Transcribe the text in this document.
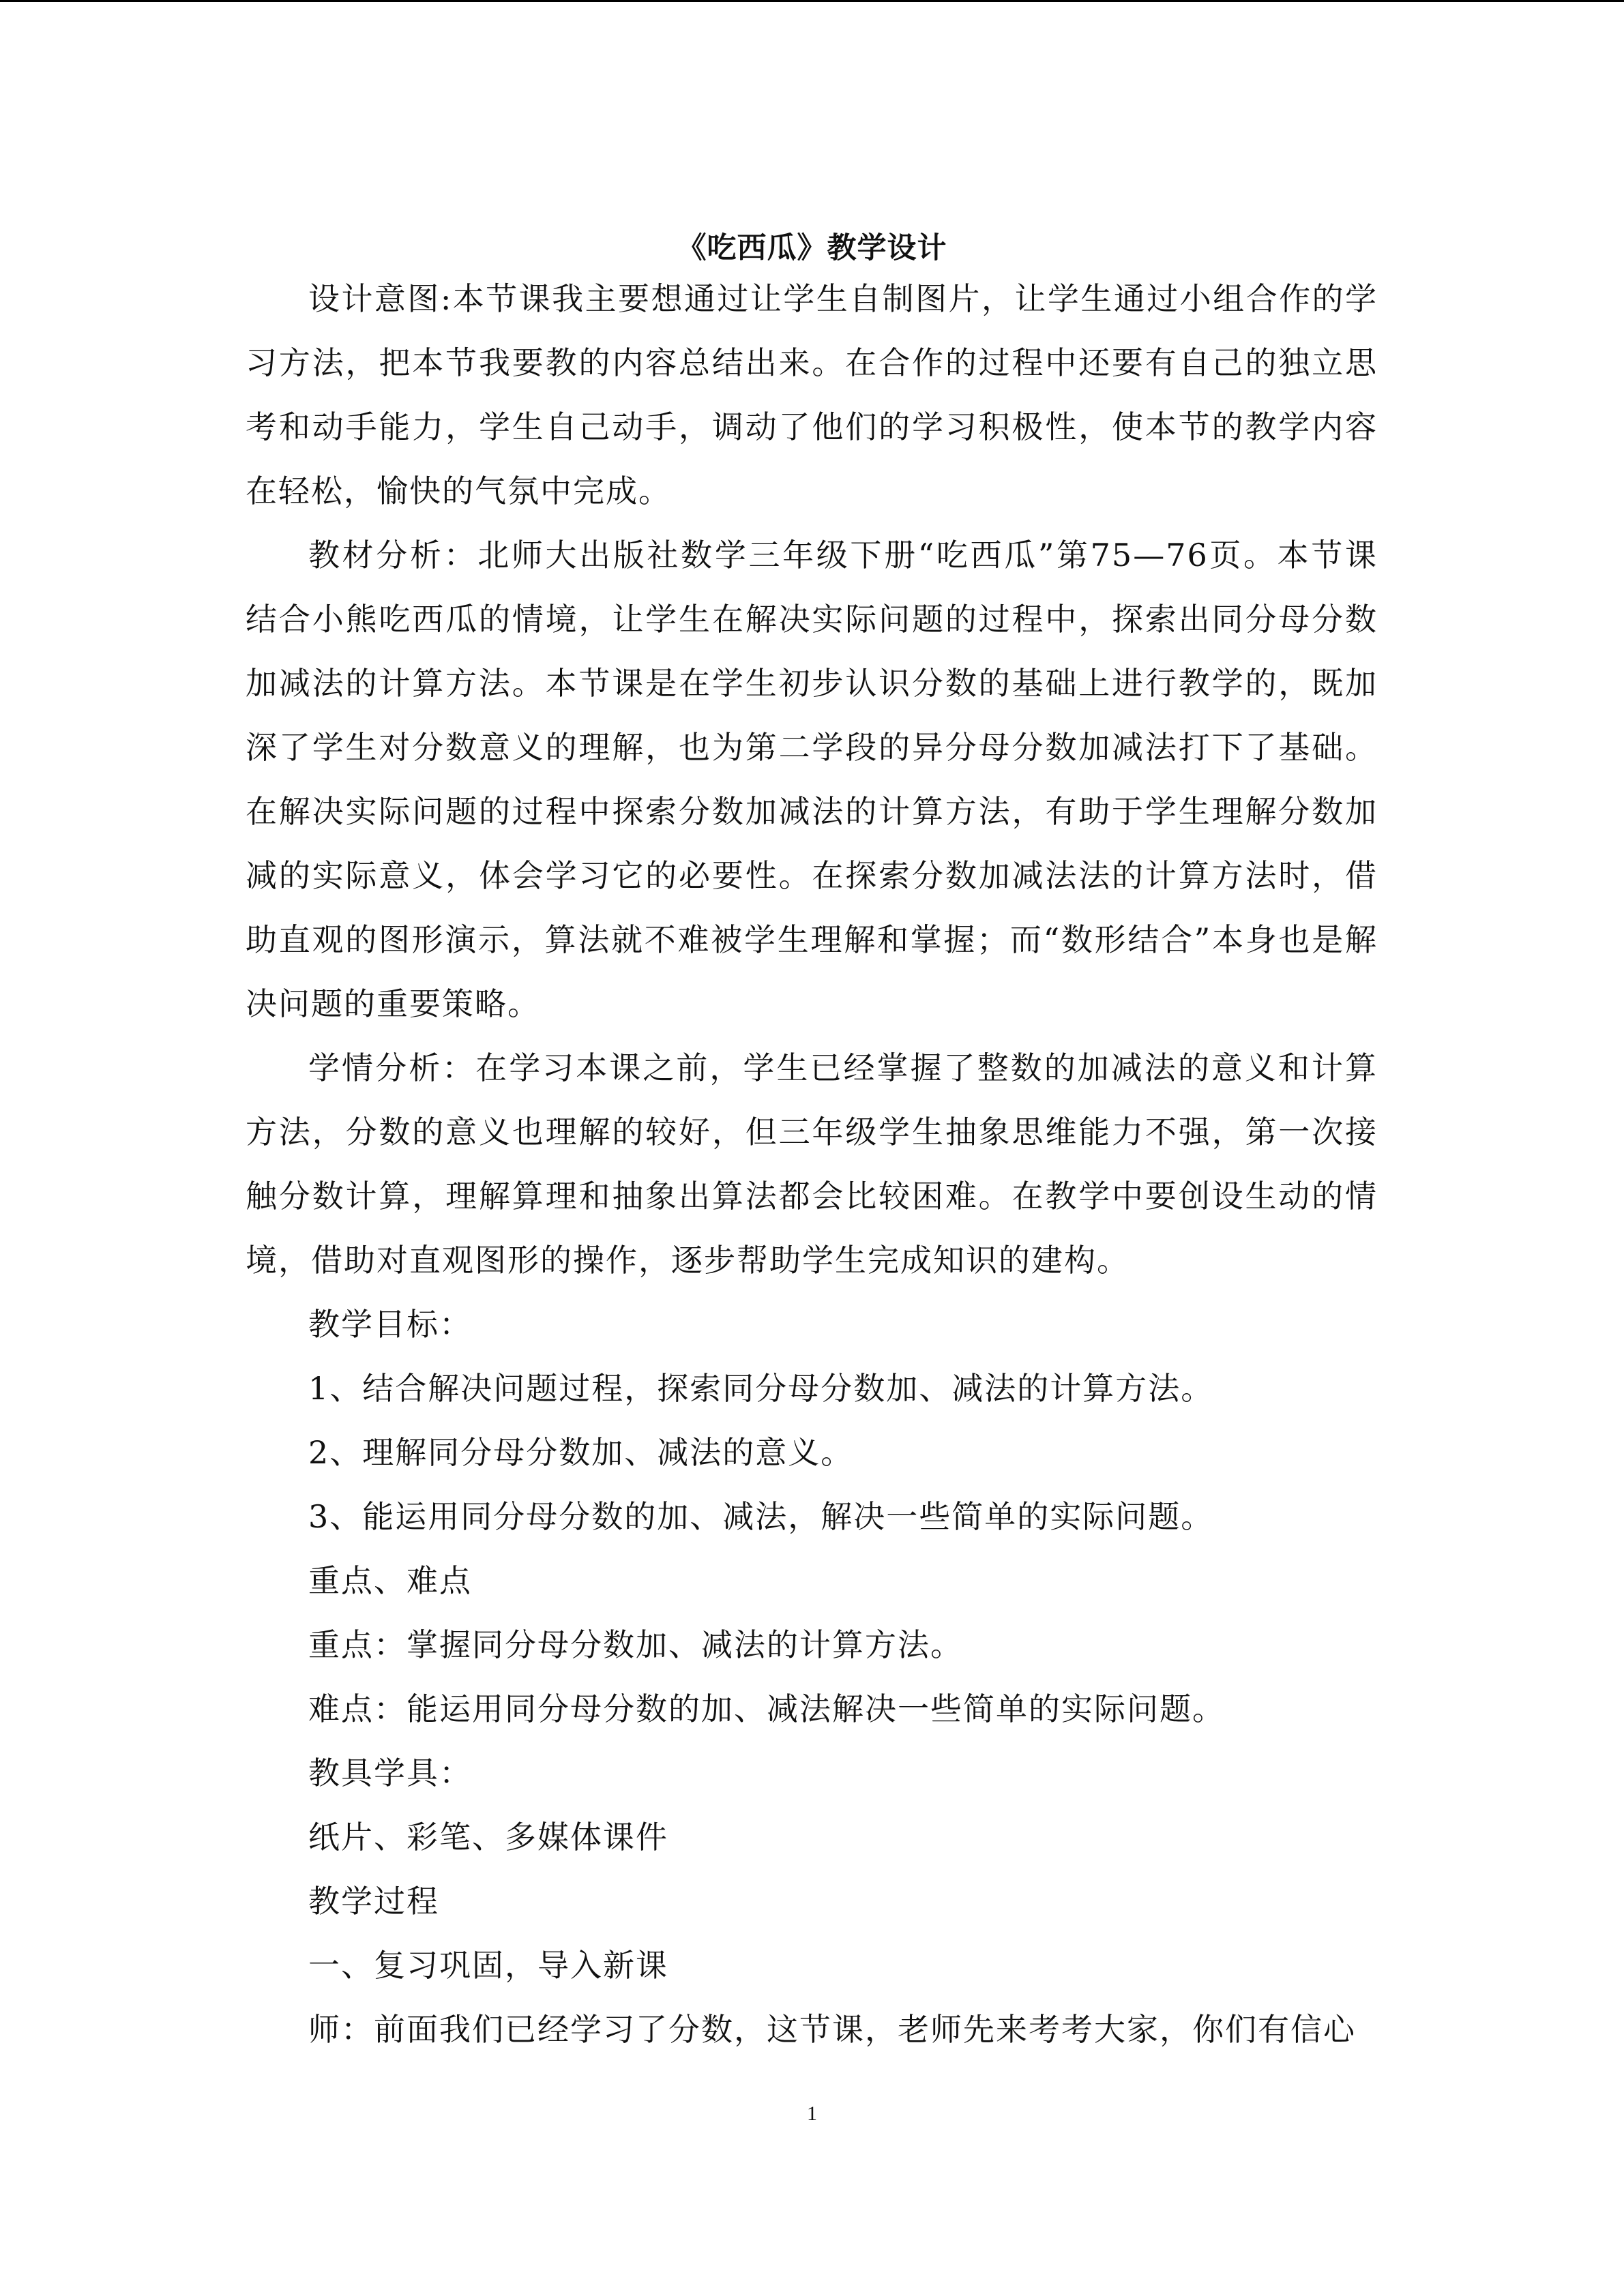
《吃西瓜》教学设计

设计意图:本节课我主要想通过让学生自制图片，让学生通过小组合作的学习方法，把本节我要教的内容总结出来。在合作的过程中还要有自己的独立思考和动手能力，学生自己动手，调动了他们的学习积极性，使本节的教学内容在轻松，愉快的气氛中完成。

教材分析：北师大出版社数学三年级下册“吃西瓜”第75—76页。本节课结合小熊吃西瓜的情境，让学生在解决实际问题的过程中，探索出同分母分数加减法的计算方法。本节课是在学生初步认识分数的基础上进行教学的，既加深了学生对分数意义的理解，也为第二学段的异分母分数加减法打下了基础。在解决实际问题的过程中探索分数加减法的计算方法，有助于学生理解分数加减的实际意义，体会学习它的必要性。在探索分数加减法法的计算方法时，借助直观的图形演示，算法就不难被学生理解和掌握；而“数形结合”本身也是解决问题的重要策略。

学情分析：在学习本课之前，学生已经掌握了整数的加减法的意义和计算方法，分数的意义也理解的较好，但三年级学生抽象思维能力不强，第一次接触分数计算，理解算理和抽象出算法都会比较困难。在教学中要创设生动的情境，借助对直观图形的操作，逐步帮助学生完成知识的建构。

教学目标：

1、结合解决问题过程，探索同分母分数加、减法的计算方法。

2、理解同分母分数加、减法的意义。

3、能运用同分母分数的加、减法，解决一些简单的实际问题。

重点、难点

重点：掌握同分母分数加、减法的计算方法。

难点：能运用同分母分数的加、减法解决一些简单的实际问题。

教具学具：

纸片、彩笔、多媒体课件

教学过程

一、复习巩固，导入新课

师：前面我们已经学习了分数，这节课，老师先来考考大家，你们有信心

1
